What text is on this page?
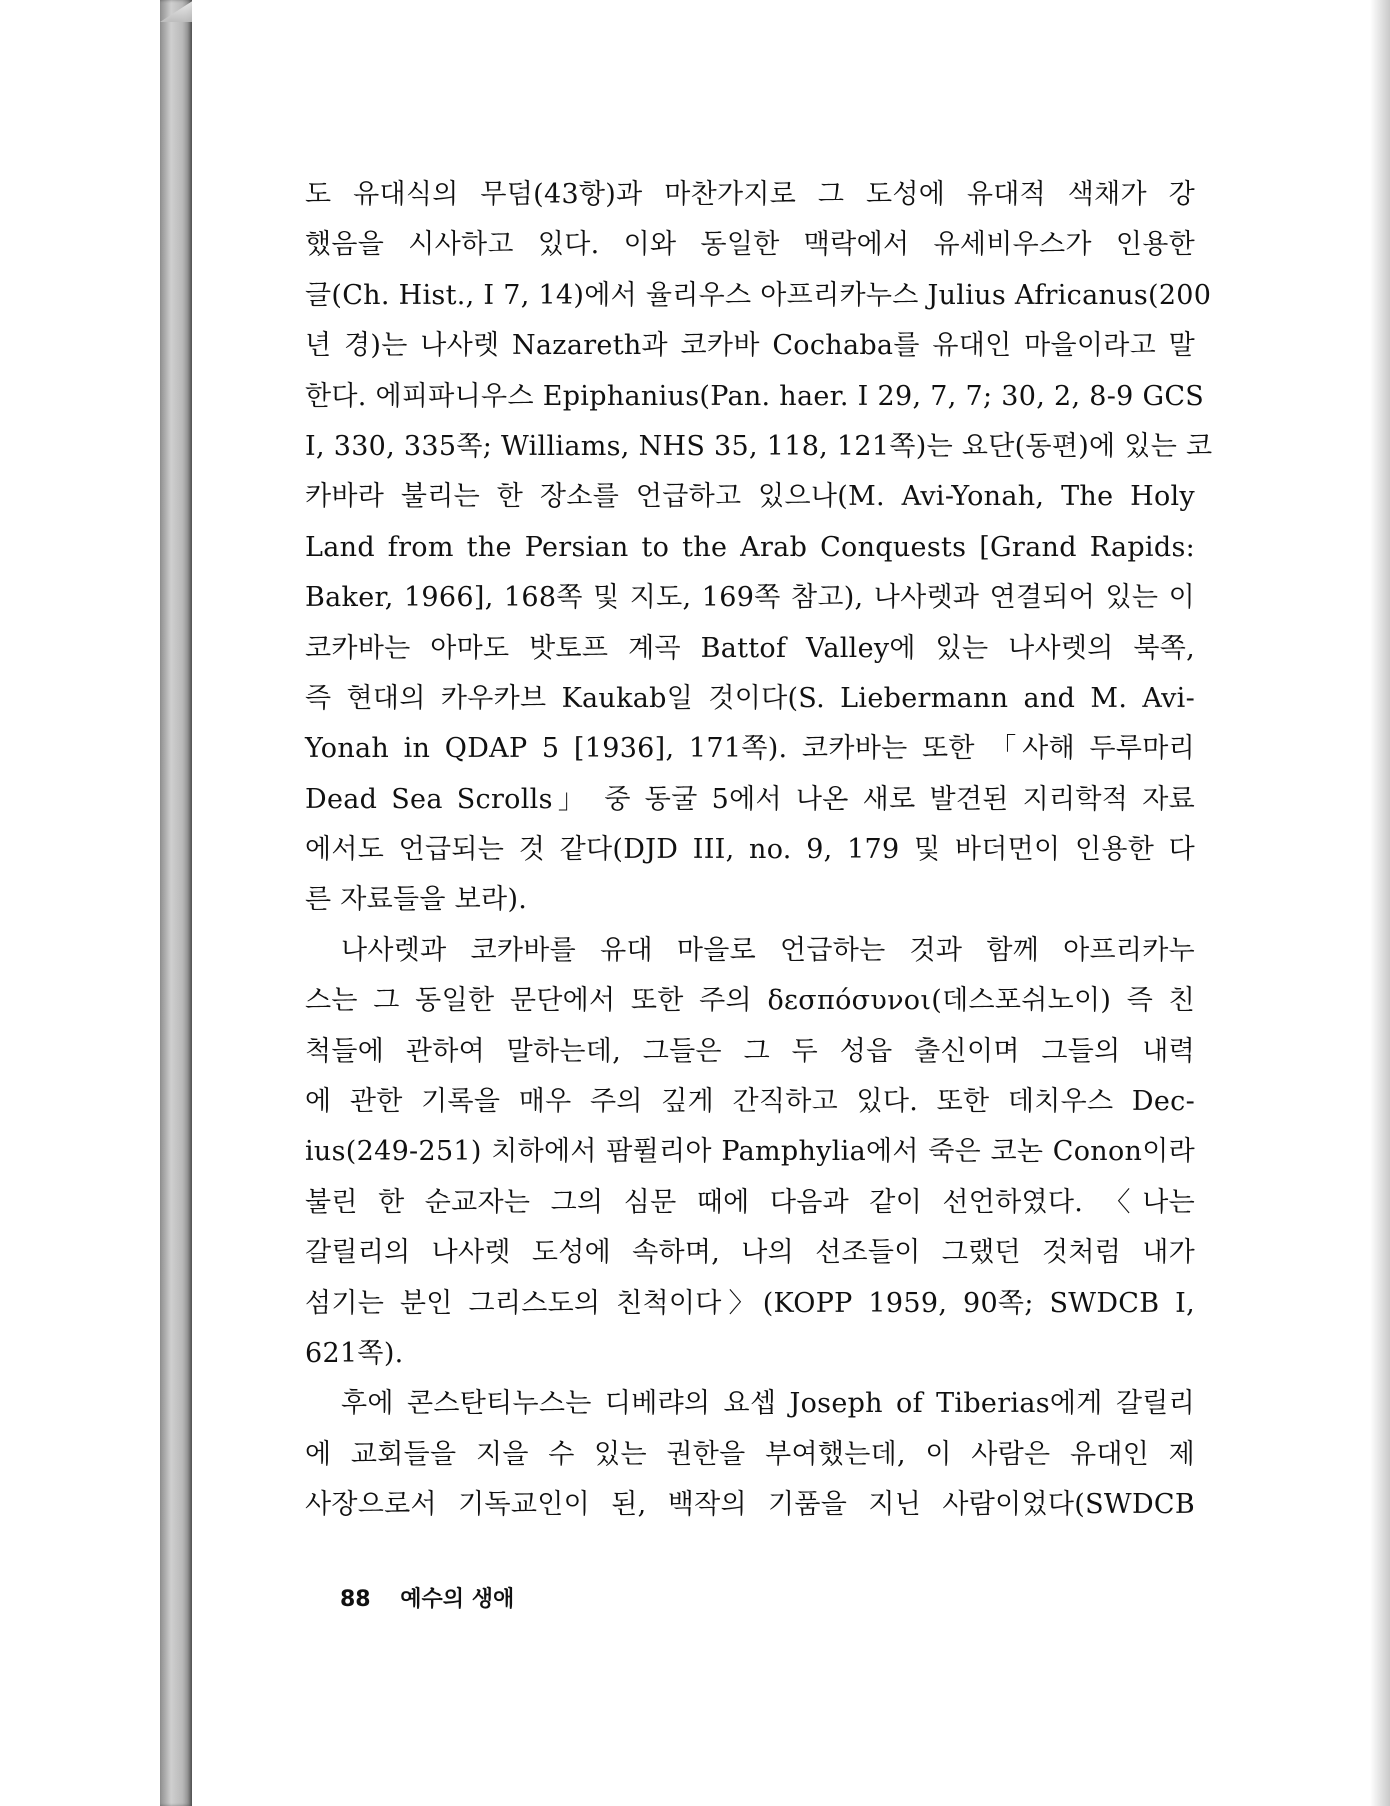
도 유대식의 무덤(43항)과 마찬가지로 그 도성에 유대적 색채가 강
했음을 시사하고 있다. 이와 동일한 맥락에서 유세비우스가 인용한
글(Ch. Hist., I 7, 14)에서 율리우스 아프리카누스 Julius Africanus(200
년 경)는 나사렛 Nazareth과 코카바 Cochaba를 유대인 마을이라고 말
한다. 에피파니우스 Epiphanius(Pan. haer. I 29, 7, 7; 30, 2, 8-9 GCS
I, 330, 335쪽; Williams, NHS 35, 118, 121쪽)는 요단(동편)에 있는 코
카바라 불리는 한 장소를 언급하고 있으나(M. Avi-Yonah, The Holy
Land from the Persian to the Arab Conquests [Grand Rapids:
Baker, 1966], 168쪽 및 지도, 169쪽 참고), 나사렛과 연결되어 있는 이
코카바는 아마도 밧토프 계곡 Battof Valley에 있는 나사렛의 북쪽,
즉 현대의 카우카브 Kaukab일 것이다(S. Liebermann and M. Avi-
Yonah in QDAP 5 [1936], 171쪽). 코카바는 또한 「사해 두루마리
Dead Sea Scrolls」 중 동굴 5에서 나온 새로 발견된 지리학적 자료
에서도 언급되는 것 같다(DJD III, no. 9, 179 및 바더먼이 인용한 다
른 자료들을 보라).
나사렛과 코카바를 유대 마을로 언급하는 것과 함께 아프리카누
스는 그 동일한 문단에서 또한 주의 δεσπόσυνοι(데스포쉬노이) 즉 친
척들에 관하여 말하는데, 그들은 그 두 성읍 출신이며 그들의 내력
에 관한 기록을 매우 주의 깊게 간직하고 있다. 또한 데치우스 Dec-
ius(249-251) 치하에서 팜퓔리아 Pamphylia에서 죽은 코논 Conon이라
불린 한 순교자는 그의 심문 때에 다음과 같이 선언하였다. 〈나는
갈릴리의 나사렛 도성에 속하며, 나의 선조들이 그랬던 것처럼 내가
섬기는 분인 그리스도의 친척이다〉(KOPP 1959, 90쪽; SWDCB I,
621쪽).
후에 콘스탄티누스는 디베랴의 요셉 Joseph of Tiberias에게 갈릴리
에 교회들을 지을 수 있는 권한을 부여했는데, 이 사람은 유대인 제
사장으로서 기독교인이 된, 백작의 기품을 지닌 사람이었다(SWDCB
88 예수의 생애
